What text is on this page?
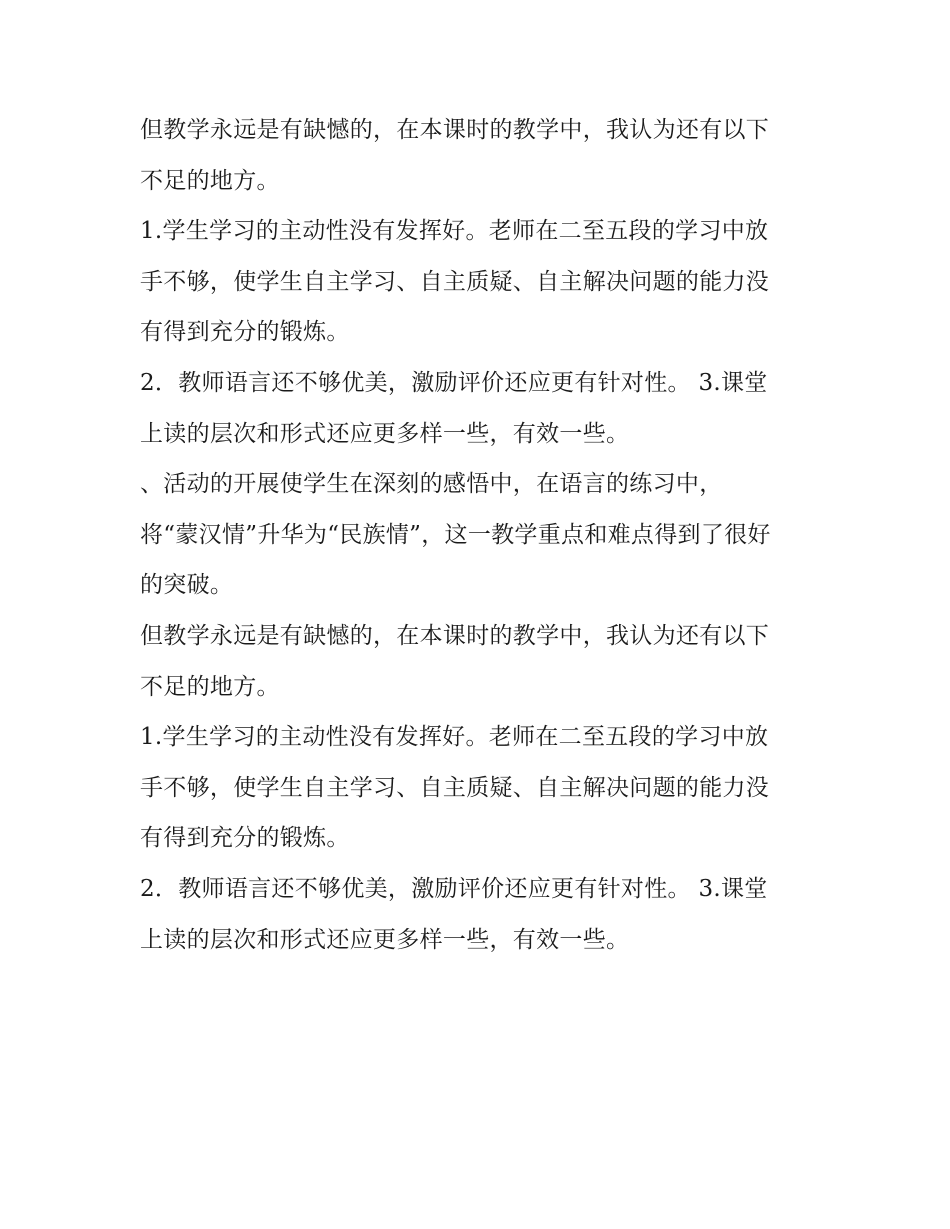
但教学永远是有缺憾的，在本课时的教学中，我认为还有以下
不足的地方。
1.学生学习的主动性没有发挥好。老师在二至五段的学习中放
手不够，使学生自主学习、自主质疑、自主解决问题的能力没
有得到充分的锻炼。
2．教师语言还不够优美，激励评价还应更有针对性。 3.课堂
上读的层次和形式还应更多样一些，有效一些。
、活动的开展使学生在深刻的感悟中，在语言的练习中，
将“蒙汉情”升华为“民族情”，这一教学重点和难点得到了很好
的突破。
但教学永远是有缺憾的，在本课时的教学中，我认为还有以下
不足的地方。
1.学生学习的主动性没有发挥好。老师在二至五段的学习中放
手不够，使学生自主学习、自主质疑、自主解决问题的能力没
有得到充分的锻炼。
2．教师语言还不够优美，激励评价还应更有针对性。 3.课堂
上读的层次和形式还应更多样一些，有效一些。
